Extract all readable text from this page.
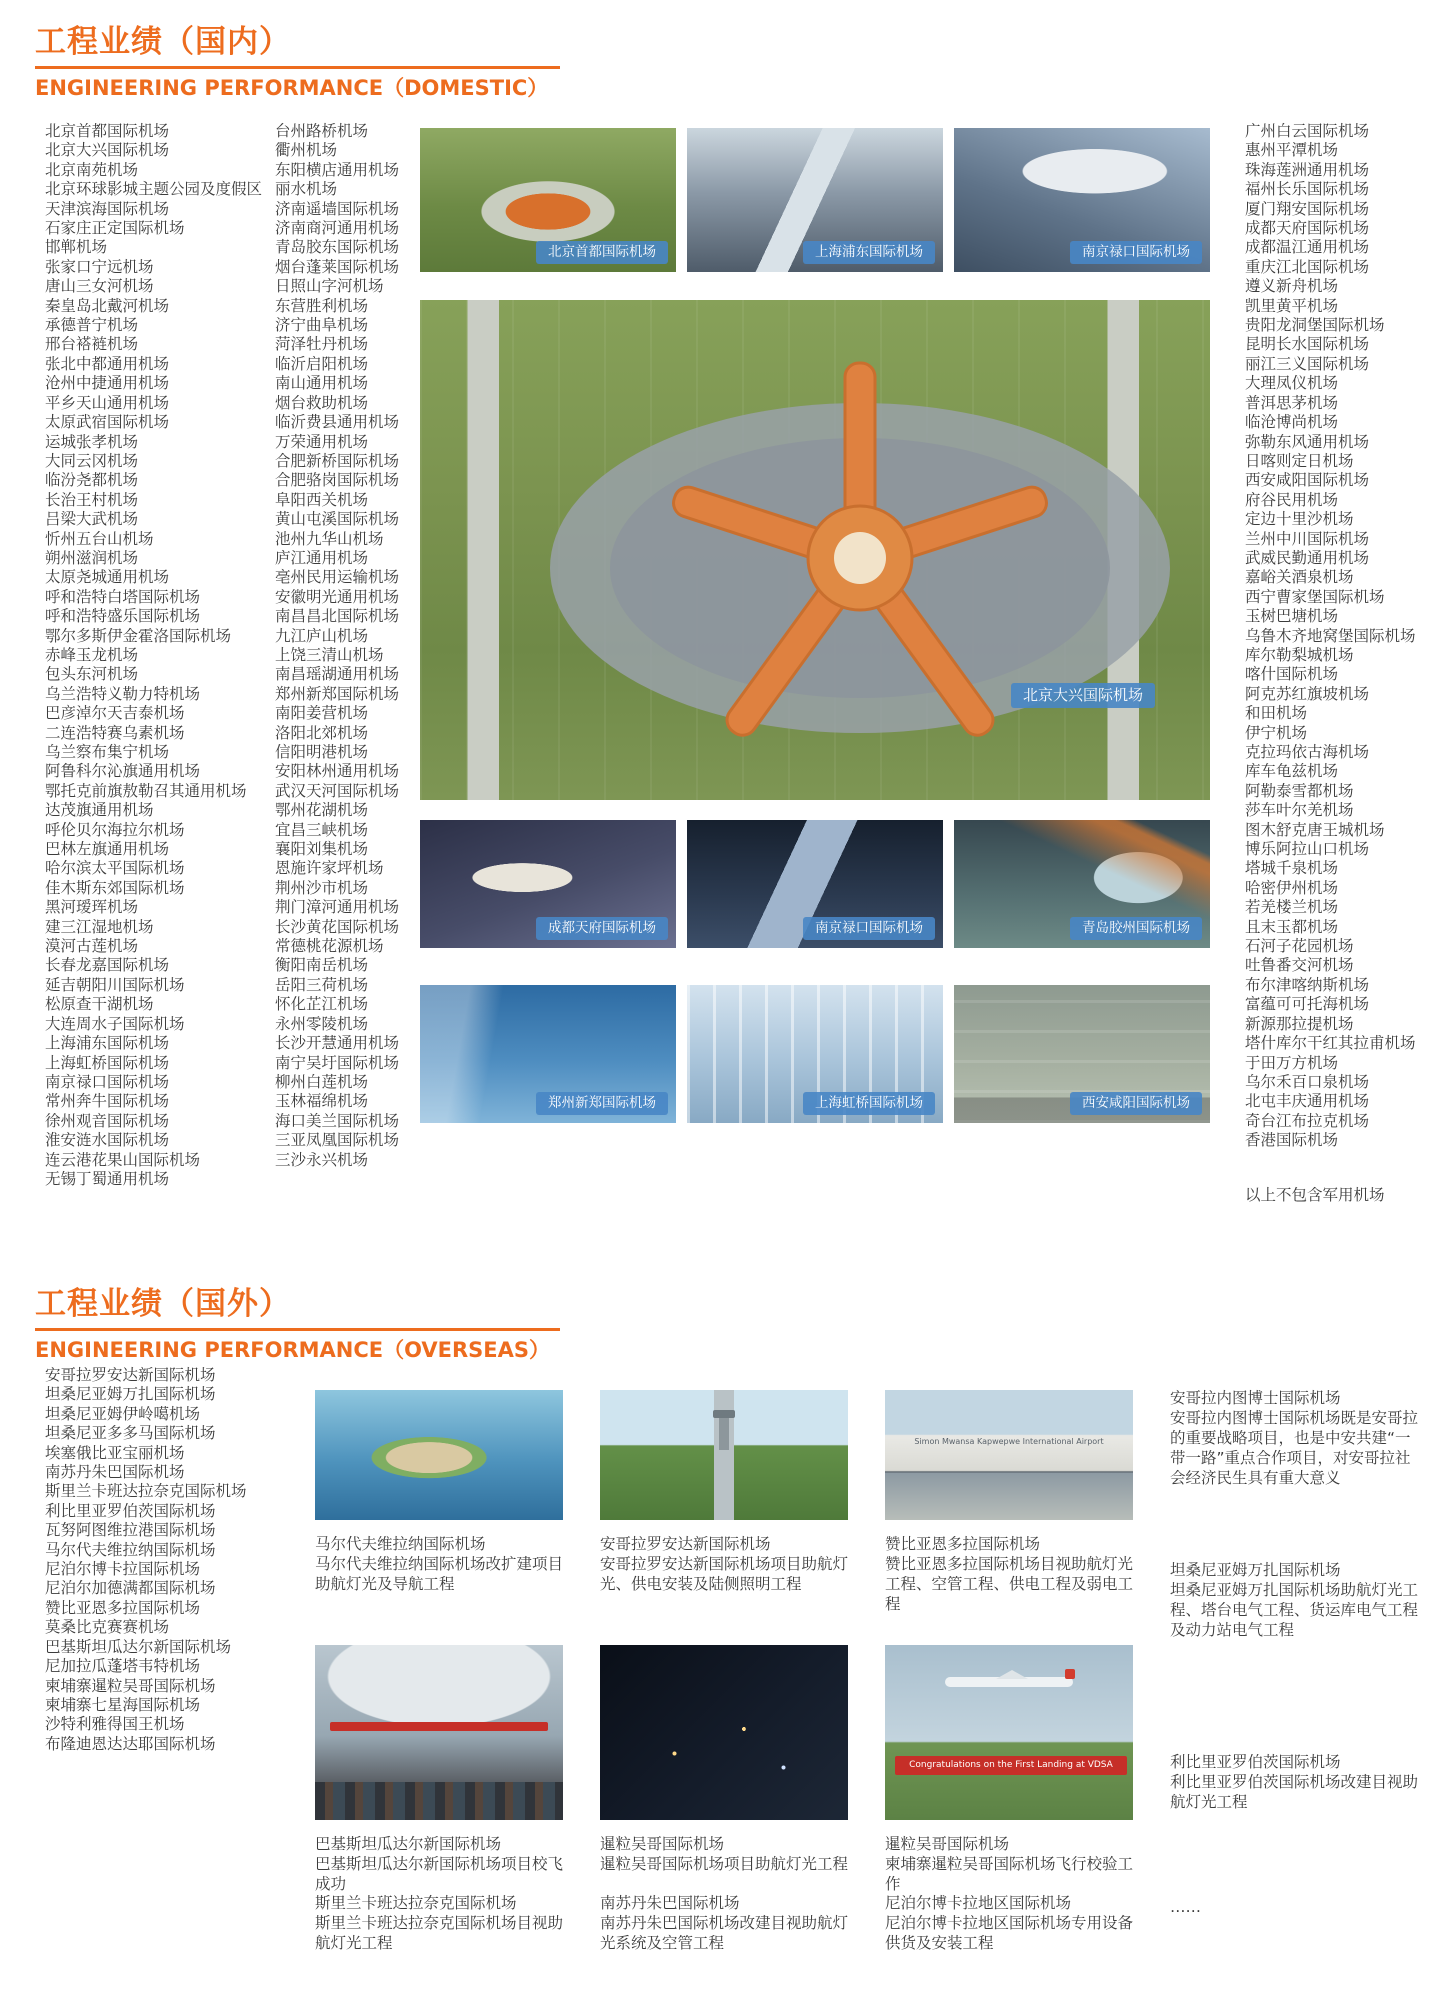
工程业绩（国内）
ENGINEERING PERFORMANCE（DOMESTIC）
北京首都国际机场
北京大兴国际机场
北京南苑机场
北京环球影城主题公园及度假区
天津滨海国际机场
石家庄正定国际机场
邯郸机场
张家口宁远机场
唐山三女河机场
秦皇岛北戴河机场
承德普宁机场
邢台褡裢机场
张北中都通用机场
沧州中捷通用机场
平乡天山通用机场
太原武宿国际机场
运城张孝机场
大同云冈机场
临汾尧都机场
长治王村机场
吕梁大武机场
忻州五台山机场
朔州滋润机场
太原尧城通用机场
呼和浩特白塔国际机场
呼和浩特盛乐国际机场
鄂尔多斯伊金霍洛国际机场
赤峰玉龙机场
包头东河机场
乌兰浩特义勒力特机场
巴彦淖尔天吉泰机场
二连浩特赛乌素机场
乌兰察布集宁机场
阿鲁科尔沁旗通用机场
鄂托克前旗敖勒召其通用机场
达茂旗通用机场
呼伦贝尔海拉尔机场
巴林左旗通用机场
哈尔滨太平国际机场
佳木斯东郊国际机场
黑河瑷珲机场
建三江湿地机场
漠河古莲机场
长春龙嘉国际机场
延吉朝阳川国际机场
松原查干湖机场
大连周水子国际机场
上海浦东国际机场
上海虹桥国际机场
南京禄口国际机场
常州奔牛国际机场
徐州观音国际机场
淮安涟水国际机场
连云港花果山国际机场
无锡丁蜀通用机场
台州路桥机场
衢州机场
东阳横店通用机场
丽水机场
济南遥墙国际机场
济南商河通用机场
青岛胶东国际机场
烟台蓬莱国际机场
日照山字河机场
东营胜利机场
济宁曲阜机场
菏泽牡丹机场
临沂启阳机场
南山通用机场
烟台救助机场
临沂费县通用机场
万荣通用机场
合肥新桥国际机场
合肥骆岗国际机场
阜阳西关机场
黄山屯溪国际机场
池州九华山机场
庐江通用机场
亳州民用运输机场
安徽明光通用机场
南昌昌北国际机场
九江庐山机场
上饶三清山机场
南昌瑶湖通用机场
郑州新郑国际机场
南阳姜营机场
洛阳北郊机场
信阳明港机场
安阳林州通用机场
武汉天河国际机场
鄂州花湖机场
宜昌三峡机场
襄阳刘集机场
恩施许家坪机场
荆州沙市机场
荆门漳河通用机场
长沙黄花国际机场
常德桃花源机场
衡阳南岳机场
岳阳三荷机场
怀化芷江机场
永州零陵机场
长沙开慧通用机场
南宁吴圩国际机场
柳州白莲机场
玉林福绵机场
海口美兰国际机场
三亚凤凰国际机场
三沙永兴机场
广州白云国际机场
惠州平潭机场
珠海莲洲通用机场
福州长乐国际机场
厦门翔安国际机场
成都天府国际机场
成都温江通用机场
重庆江北国际机场
遵义新舟机场
凯里黄平机场
贵阳龙洞堡国际机场
昆明长水国际机场
丽江三义国际机场
大理凤仪机场
普洱思茅机场
临沧博尚机场
弥勒东风通用机场
日喀则定日机场
西安咸阳国际机场
府谷民用机场
定边十里沙机场
兰州中川国际机场
武威民勤通用机场
嘉峪关酒泉机场
西宁曹家堡国际机场
玉树巴塘机场
乌鲁木齐地窝堡国际机场
库尔勒梨城机场
喀什国际机场
阿克苏红旗坡机场
和田机场
伊宁机场
克拉玛依古海机场
库车龟兹机场
阿勒泰雪都机场
莎车叶尔羌机场
图木舒克唐王城机场
博乐阿拉山口机场
塔城千泉机场
哈密伊州机场
若羌楼兰机场
且末玉都机场
石河子花园机场
吐鲁番交河机场
布尔津喀纳斯机场
富蕴可可托海机场
新源那拉提机场
塔什库尔干红其拉甫机场
于田万方机场
乌尔禾百口泉机场
北屯丰庆通用机场
奇台江布拉克机场
香港国际机场
以上不包含军用机场
北京首都国际机场	上海浦东国际机场	南京禄口国际机场
北京大兴国际机场
成都天府国际机场	南京禄口国际机场	青岛胶州国际机场
郑州新郑国际机场	上海虹桥国际机场	西安咸阳国际机场
工程业绩（国外）
ENGINEERING PERFORMANCE（OVERSEAS）
安哥拉罗安达新国际机场
坦桑尼亚姆万扎国际机场
坦桑尼亚姆伊岭噶机场
坦桑尼亚多多马国际机场
埃塞俄比亚宝丽机场
南苏丹朱巴国际机场
斯里兰卡班达拉奈克国际机场
利比里亚罗伯茨国际机场
瓦努阿图维拉港国际机场
马尔代夫维拉纳国际机场
尼泊尔博卡拉国际机场
尼泊尔加德满都国际机场
赞比亚恩多拉国际机场
莫桑比克赛赛机场
巴基斯坦瓜达尔新国际机场
尼加拉瓜蓬塔韦特机场
柬埔寨暹粒吴哥国际机场
柬埔寨七星海国际机场
沙特利雅得国王机场
布隆迪恩达达耶国际机场
马尔代夫维拉纳国际机场
马尔代夫维拉纳国际机场改扩建项目助航灯光及导航工程
安哥拉罗安达新国际机场
安哥拉罗安达新国际机场项目助航灯光、供电安装及陆侧照明工程
Simon Mwansa Kapwepwe International Airport
赞比亚恩多拉国际机场
赞比亚恩多拉国际机场目视助航灯光工程、空管工程、供电工程及弱电工程
巴基斯坦瓜达尔新国际机场
巴基斯坦瓜达尔新国际机场项目校飞成功
暹粒吴哥国际机场
暹粒吴哥国际机场项目助航灯光工程
Congratulations on the First Landing at VDSA
暹粒吴哥国际机场
柬埔寨暹粒吴哥国际机场飞行校验工作
斯里兰卡班达拉奈克国际机场
斯里兰卡班达拉奈克国际机场目视助航灯光工程
南苏丹朱巴国际机场
南苏丹朱巴国际机场改建目视助航灯光系统及空管工程
尼泊尔博卡拉地区国际机场
尼泊尔博卡拉地区国际机场专用设备供货及安装工程
安哥拉内图博士国际机场
安哥拉内图博士国际机场既是安哥拉的重要战略项目，也是中安共建“一带一路”重点合作项目，对安哥拉社会经济民生具有重大意义
坦桑尼亚姆万扎国际机场
坦桑尼亚姆万扎国际机场助航灯光工程、塔台电气工程、货运库电气工程及动力站电气工程
利比里亚罗伯茨国际机场
利比里亚罗伯茨国际机场改建目视助航灯光工程
……
